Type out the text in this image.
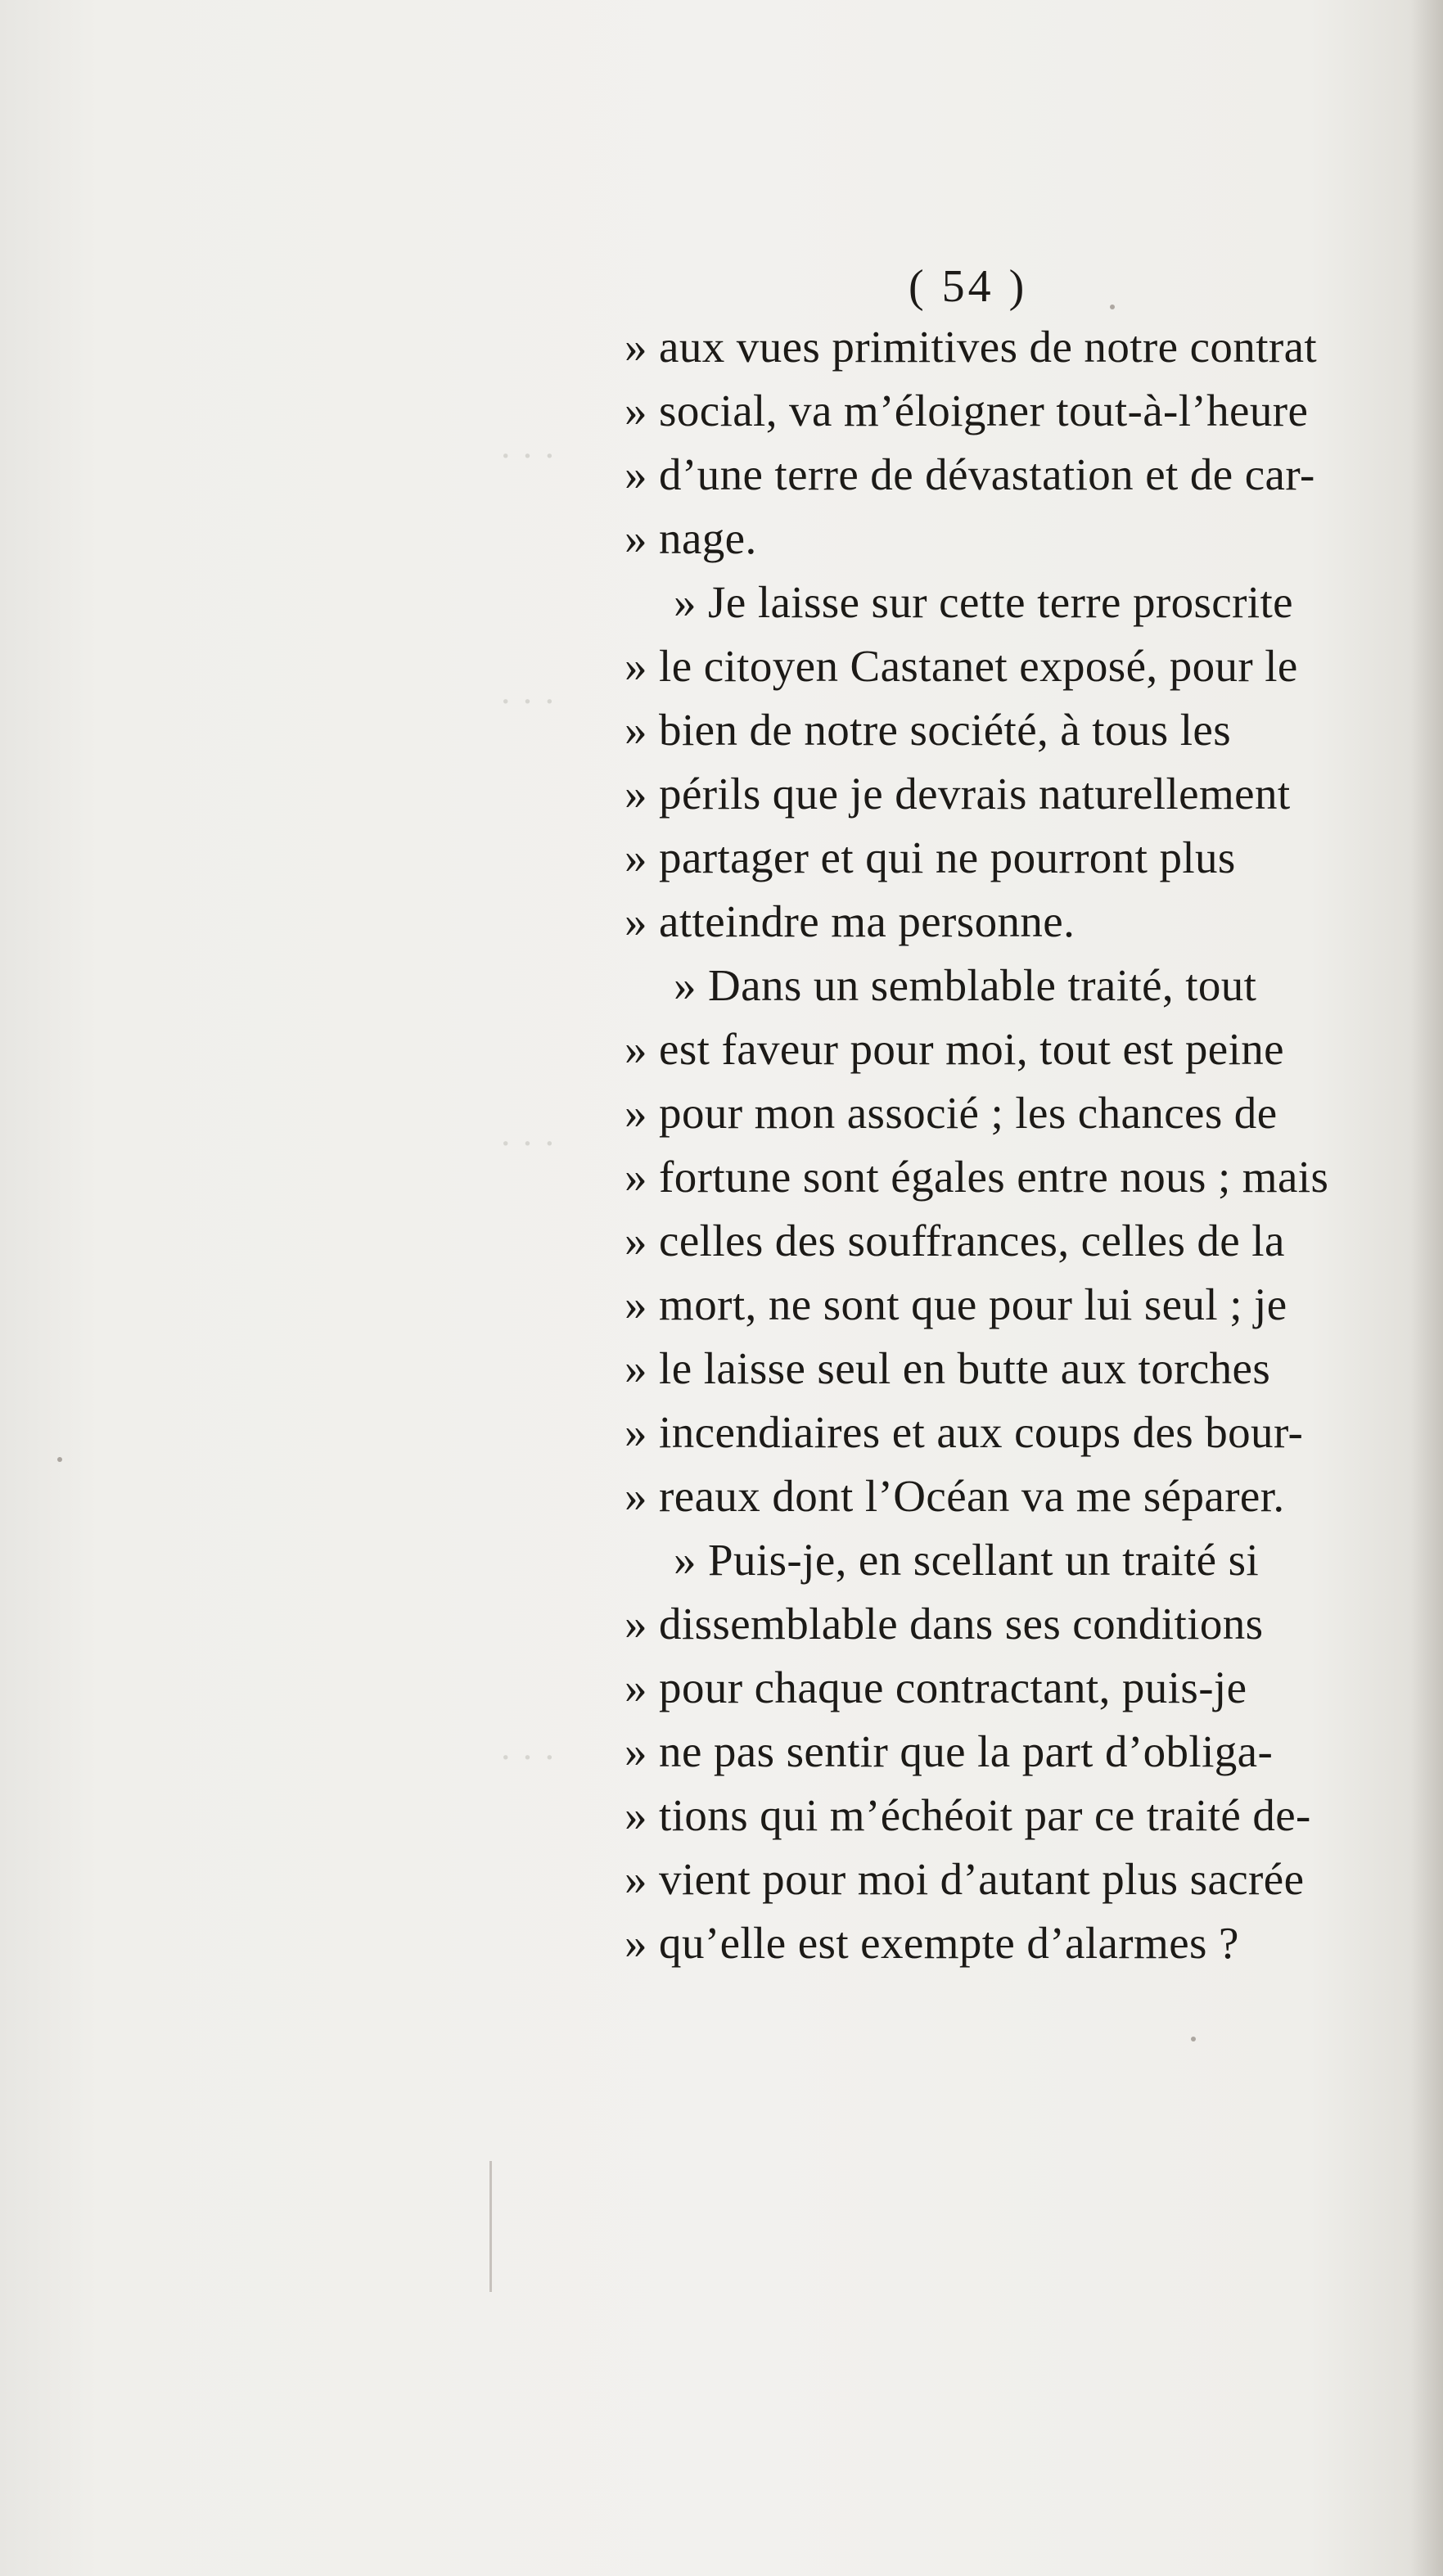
· · ·
· · ·
· · ·
· · ·
( 54 )
» aux vues primitives de notre contrat
» social, va m’éloigner tout-à-l’heure
» d’une terre de dévastation et de car-
» nage.
» Je laisse sur cette terre proscrite
» le citoyen Castanet exposé, pour le
» bien de notre société, à tous les
» périls que je devrais naturellement
» partager et qui ne pourront plus
» atteindre ma personne.
» Dans un semblable traité, tout
» est faveur pour moi, tout est peine
» pour mon associé ; les chances de
» fortune sont égales entre nous ; mais
» celles des souffrances, celles de la
» mort, ne sont que pour lui seul ; je
» le laisse seul en butte aux torches
» incendiaires et aux coups des bour-
» reaux dont l’Océan va me séparer.
» Puis-je, en scellant un traité si
» dissemblable dans ses conditions
» pour chaque contractant, puis-je
» ne pas sentir que la part d’obliga-
» tions qui m’échéoit par ce traité de-
» vient pour moi d’autant plus sacrée
» qu’elle est exempte d’alarmes ?
